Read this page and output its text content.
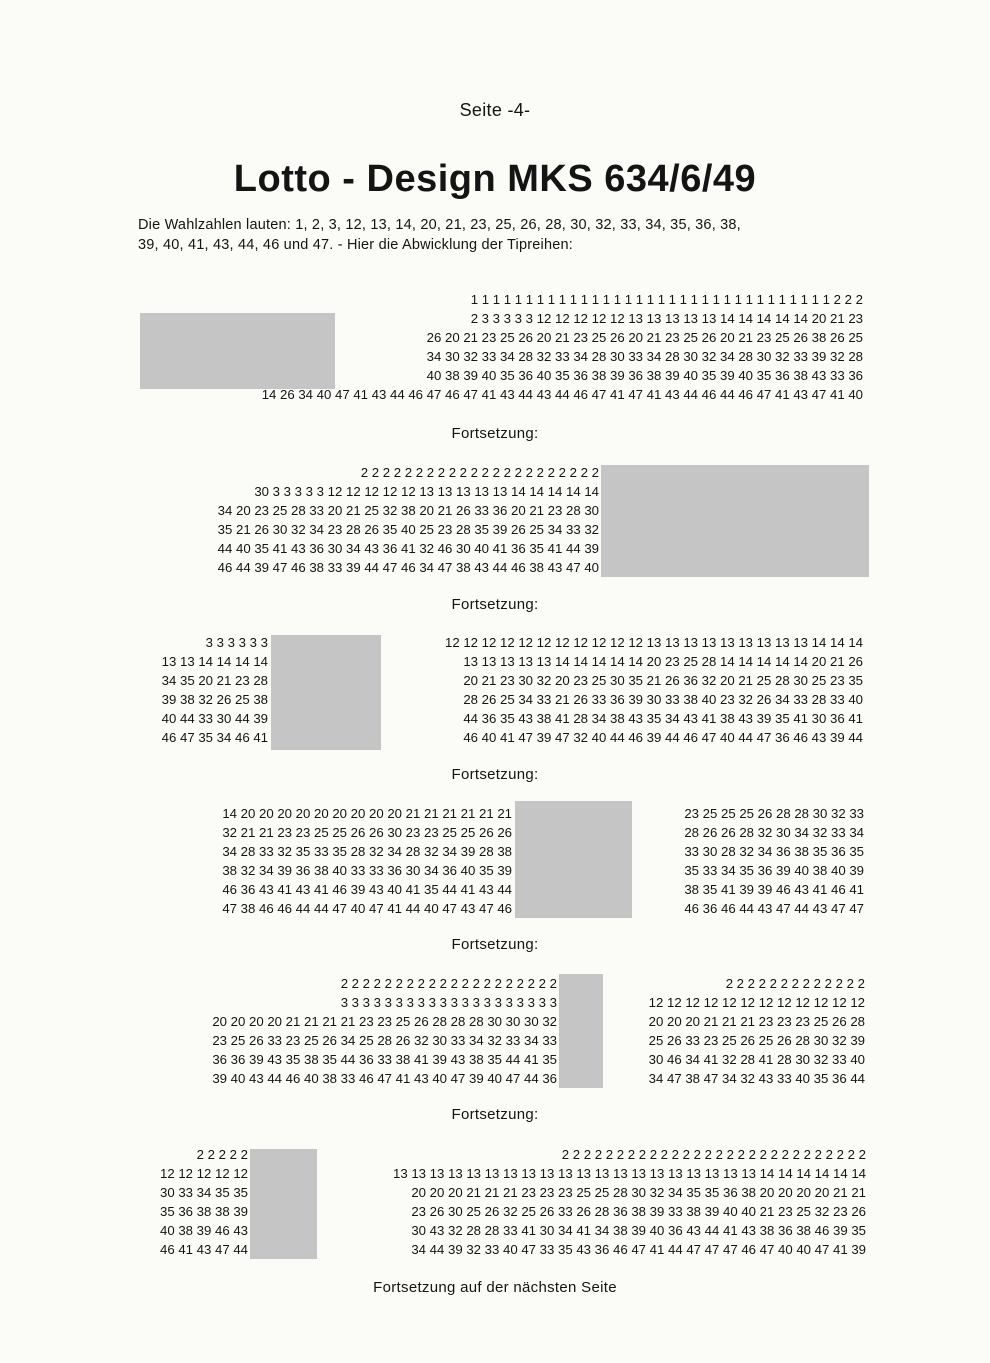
Seite -4-
Lotto - Design MKS 634/6/49
Die Wahlzahlen lauten: 1, 2, 3, 12, 13, 14, 20, 21, 23, 25, 26, 28, 30, 32, 33, 34, 35, 36, 38,
39, 40, 41, 43, 44, 46 und 47. - Hier die Abwicklung der Tipreihen:
1 1 1 1 1 1 1 1 1 1 1 1 1 1 1 1 1 1 1 1 1 1 1 1 1 1 1 1 1 1 1 1 1 2 2 2
2 3 3 3 3 3 12 12 12 12 12 13 13 13 13 13 14 14 14 14 14 20 21 23
26 20 21 23 25 26 20 21 23 25 26 20 21 23 25 26 20 21 23 25 26 38 26 25
34 30 32 33 34 28 32 33 34 28 30 33 34 28 30 32 34 28 30 32 33 39 32 28
40 38 39 40 35 36 40 35 36 38 39 36 38 39 40 35 39 40 35 36 38 43 33 36
14 26 34 40 47 41 43 44 46 47 46 47 41 43 44 43 44 46 47 41 47 41 43 44 46 44 46 47 41 43 47 41 40
2 2 2 2 2 2 2 2 2 2 2 2 2 2 2 2 2 2 2 2 2 2
30 3 3 3 3 3 12 12 12 12 12 13 13 13 13 13 14 14 14 14 14
34 20 23 25 28 33 20 21 25 32 38 20 21 26 33 36 20 21 23 28 30
35 21 26 30 32 34 23 28 26 35 40 25 23 28 35 39 26 25 34 33 32
44 40 35 41 43 36 30 34 43 36 41 32 46 30 40 41 36 35 41 44 39
46 44 39 47 46 38 33 39 44 47 46 34 47 38 43 44 46 38 43 47 40
3 3 3 3 3 3
13 13 14 14 14 14
34 35 20 21 23 28
39 38 32 26 25 38
40 44 33 30 44 39
46 47 35 34 46 41
12 12 12 12 12 12 12 12 12 12 12 13 13 13 13 13 13 13 13 13 14 14 14
13 13 13 13 13 14 14 14 14 14 20 23 25 28 14 14 14 14 14 20 21 26
20 21 23 30 32 20 23 25 30 35 21 26 36 32 20 21 25 28 30 25 23 35
28 26 25 34 33 21 26 33 36 39 30 33 38 40 23 32 26 34 33 28 33 40
44 36 35 43 38 41 28 34 38 43 35 34 43 41 38 43 39 35 41 30 36 41
46 40 41 47 39 47 32 40 44 46 39 44 46 47 40 44 47 36 46 43 39 44
14 20 20 20 20 20 20 20 20 20 21 21 21 21 21 21
32 21 21 23 23 25 25 26 26 30 23 23 25 25 26 26
34 28 33 32 35 33 35 28 32 34 28 32 34 39 28 38
38 32 34 39 36 38 40 33 33 36 30 34 36 40 35 39
46 36 43 41 43 41 46 39 43 40 41 35 44 41 43 44
47 38 46 46 44 44 47 40 47 41 44 40 47 43 47 46
23 25 25 25 26 28 28 30 32 33
28 26 26 28 32 30 34 32 33 34
33 30 28 32 34 36 38 35 36 35
35 33 34 35 36 39 40 38 40 39
38 35 41 39 39 46 43 41 46 41
46 36 46 44 43 47 44 43 47 47
2 2 2 2 2 2 2 2 2 2 2 2 2 2 2 2 2 2 2 2
3 3 3 3 3 3 3 3 3 3 3 3 3 3 3 3 3 3 3 3
20 20 20 20 21 21 21 21 23 23 25 26 28 28 28 30 30 30 32
23 25 26 33 23 25 26 34 25 28 26 32 30 33 34 32 33 34 33
36 36 39 43 35 38 35 44 36 33 38 41 39 43 38 35 44 41 35
39 40 43 44 46 40 38 33 46 47 41 43 40 47 39 40 47 44 36
2 2 2 2 2 2 2 2 2 2 2 2 2
12 12 12 12 12 12 12 12 12 12 12 12
20 20 20 21 21 21 23 23 23 25 26 28
25 26 33 23 25 26 25 26 28 30 32 39
30 46 34 41 32 28 41 28 30 32 33 40
34 47 38 47 34 32 43 33 40 35 36 44
2 2 2 2 2
12 12 12 12 12
30 33 34 35 35
35 36 38 38 39
40 38 39 46 43
46 41 43 47 44
2 2 2 2 2 2 2 2 2 2 2 2 2 2 2 2 2 2 2 2 2 2 2 2 2 2 2 2
13 13 13 13 13 13 13 13 13 13 13 13 13 13 13 13 13 13 13 13 14 14 14 14 14 14
20 20 20 21 21 21 23 23 23 25 25 28 30 32 34 35 35 36 38 20 20 20 20 21 21
23 26 30 25 26 32 25 26 33 26 28 36 38 39 33 38 39 40 40 21 23 25 32 23 26
30 43 32 28 28 33 41 30 34 41 34 38 39 40 36 43 44 41 43 38 36 38 46 39 35
34 44 39 32 33 40 47 33 35 43 36 46 47 41 44 47 47 47 46 47 40 40 47 41 39
Fortsetzung:
Fortsetzung:
Fortsetzung:
Fortsetzung:
Fortsetzung:
Fortsetzung auf der nächsten Seite
